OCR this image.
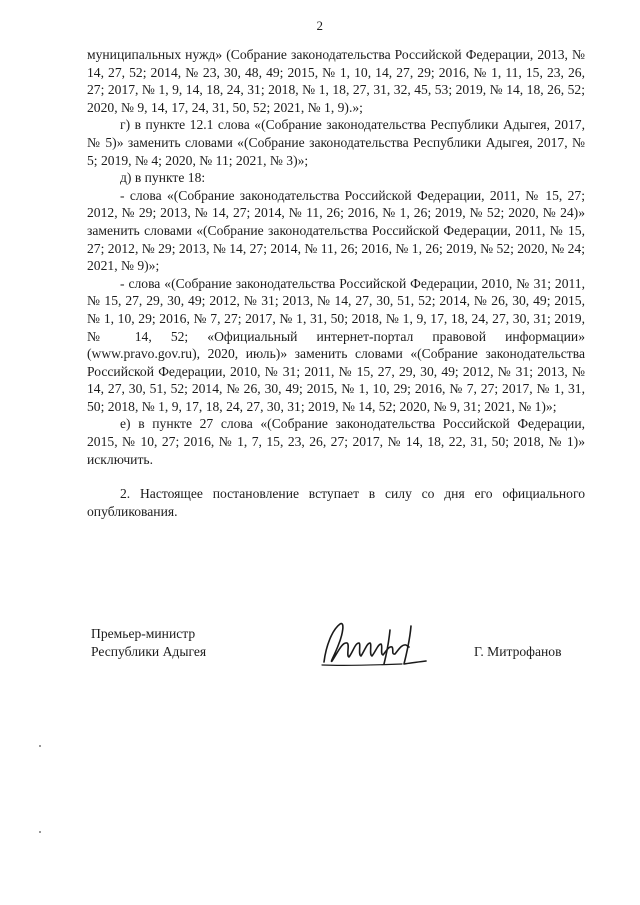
2

муниципальных нужд» (Собрание законодательства Российской Федерации, 2013, № 14, 27, 52; 2014, № 23, 30, 48, 49; 2015, № 1, 10, 14, 27, 29; 2016, № 1, 11, 15, 23, 26, 27; 2017, № 1, 9, 14, 18, 24, 31; 2018, № 1, 18, 27, 31, 32, 45, 53; 2019, № 14, 18, 26, 52; 2020, № 9, 14, 17, 24, 31, 50, 52; 2021, № 1, 9).»;

г) в пункте 12.1 слова «(Собрание законодательства Республики Адыгея, 2017, № 5)» заменить словами «(Собрание законодательства Республики Адыгея, 2017, № 5; 2019, № 4; 2020, № 11; 2021, № 3)»;

д) в пункте 18:

- слова «(Собрание законодательства Российской Федерации, 2011, № 15, 27; 2012, № 29; 2013, № 14, 27; 2014, № 11, 26; 2016, № 1, 26; 2019, № 52; 2020, № 24)» заменить словами «(Собрание законодательства Российской Федерации, 2011, № 15, 27; 2012, № 29; 2013, № 14, 27; 2014, № 11, 26; 2016, № 1, 26; 2019, № 52; 2020, № 24; 2021, № 9)»;

- слова «(Собрание законодательства Российской Федерации, 2010, № 31; 2011, № 15, 27, 29, 30, 49; 2012, № 31; 2013, № 14, 27, 30, 51, 52; 2014, № 26, 30, 49; 2015, № 1, 10, 29; 2016, № 7, 27; 2017, № 1, 31, 50; 2018, № 1, 9, 17, 18, 24, 27, 30, 31; 2019, № 14, 52; «Официальный интернет-портал правовой информации» (www.pravo.gov.ru), 2020, июль)» заменить словами «(Собрание законодательства Российской Федерации, 2010, № 31; 2011, № 15, 27, 29, 30, 49; 2012, № 31; 2013, № 14, 27, 30, 51, 52; 2014, № 26, 30, 49; 2015, № 1, 10, 29; 2016, № 7, 27; 2017, № 1, 31, 50; 2018, № 1, 9, 17, 18, 24, 27, 30, 31; 2019, № 14, 52; 2020, № 9, 31; 2021, № 1)»;

е) в пункте 27 слова «(Собрание законодательства Российской Федерации, 2015, № 10, 27; 2016, № 1, 7, 15, 23, 26, 27; 2017, № 14, 18, 22, 31, 50; 2018, № 1)» исключить.

2. Настоящее постановление вступает в силу со дня его официального опубликования.

Премьер-министр
Республики Адыгея	Г. Митрофанов
